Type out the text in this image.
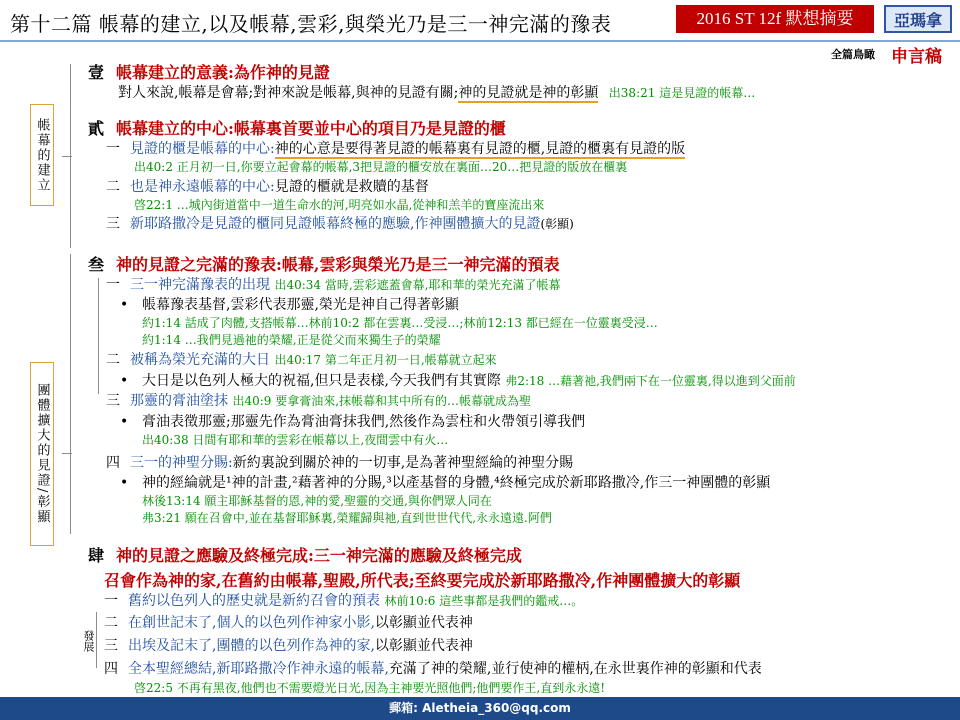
第十二篇 帳幕的建立,以及帳幕,雲彩,與榮光乃是三一神完滿的豫表	2016 ST 12f 默想摘要	亞瑪拿
全篇鳥瞰 申言稿
帳幕的建立
團體擴大的見證/彰顯
發展
壹 帳幕建立的意義:為作神的見證
對人來說,帳幕是會幕;對神來說是帳幕,與神的見證有關;神的見證就是神的彰顯 出38:21 這是見證的帳幕…
貳 帳幕建立的中心:帳幕裏首要並中心的項目乃是見證的櫃
一 見證的櫃是帳幕的中心:神的心意是要得著見證的帳幕裏有見證的櫃,見證的櫃裏有見證的版
出40:2 正月初一日,你要立起會幕的帳幕,3把見證的櫃安放在裏面…20…把見證的版放在櫃裏
二 也是神永遠帳幕的中心:見證的櫃就是救贖的基督
啓22:1 …城內街道當中一道生命水的河,明亮如水晶,從神和羔羊的寶座流出來
三 新耶路撒冷是見證的櫃同見證帳幕終極的應驗,作神團體擴大的見證(彰顯)
叁 神的見證之完滿的豫表:帳幕,雲彩與榮光乃是三一神完滿的預表
一 三一神完滿豫表的出現 出40:34 當時,雲彩遮蓋會幕,耶和華的榮光充滿了帳幕
• 帳幕豫表基督,雲彩代表那靈,榮光是神自己得著彰顯
約1:14 話成了肉體,支搭帳幕…林前10:2 都在雲裏…受浸…;林前12:13 都已經在一位靈裏受浸…
約1:14 …我們見過祂的榮耀,正是從父而來獨生子的榮耀
二 被稱為榮光充滿的大日 出40:17 第二年正月初一日,帳幕就立起來
• 大日是以色列人極大的祝福,但只是表樣,今天我們有其實際 弗2:18 …藉著祂,我們兩下在一位靈裏,得以進到父面前
三 那靈的膏油塗抹 出40:9 要拿膏油來,抹帳幕和其中所有的…帳幕就成為聖
• 膏油表徵那靈;那靈先作為膏油膏抹我們,然後作為雲柱和火帶領引導我們
出40:38 日間有耶和華的雲彩在帳幕以上,夜間雲中有火…
四 三一的神聖分賜:新約裏說到關於神的一切事,是為著神聖經綸的神聖分賜
• 神的經綸就是¹神的計畫,²藉著神的分賜,³以產基督的身體,⁴終極完成於新耶路撒冷,作三一神團體的彰顯
林後13:14 願主耶穌基督的恩,神的愛,聖靈的交通,與你們眾人同在
弗3:21 願在召會中,並在基督耶穌裏,榮耀歸與祂,直到世世代代,永永遠遠.阿們
肆 神的見證之應驗及終極完成:三一神完滿的應驗及終極完成
召會作為神的家,在舊約由帳幕,聖殿,所代表;至終要完成於新耶路撒冷,作神團體擴大的彰顯
一 舊約以色列人的歷史就是新約召會的預表 林前10:6 這些事都是我們的鑑戒…。
二 在創世記末了,個人的以色列作神家小影,以彰顯並代表神
三 出埃及記末了,團體的以色列作為神的家,以彰顯並代表神
四 全本聖經總結,新耶路撒冷作神永遠的帳幕,充滿了神的榮耀,並行使神的權柄,在永世裏作神的彰顯和代表
啓22:5 不再有黑夜,他們也不需要燈光日光,因為主神要光照他們;他們要作王,直到永永遠!
郵箱: Aletheia_360@qq.com
